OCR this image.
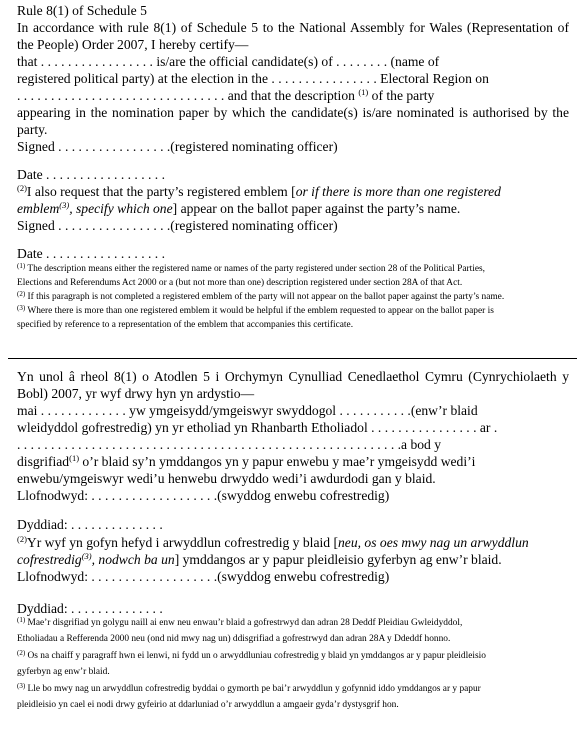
Rule 8(1) of Schedule 5
In accordance with rule 8(1) of Schedule 5 to the National Assembly for Wales (Representation of
the People) Order 2007, I hereby certify—
that . . . . . . . . . . . . . . . . . is/are the official candidate(s) of . . . . . . . . (name of
registered political party) at the election in the . . . . . . . . . . . . . . . . Electoral Region on
. . . . . . . . . . . . . . . . . . . . . . . . . . . . . . . and that the description $^{(1)}$ of the party
appearing in the nomination paper by which the candidate(s) is/are nominated is authorised by the
party.
Signed . . . . . . . . . . . . . . . . .(registered nominating officer)
Date . . . . . . . . . . . . . . . . . .
$^{(2)}$I also request that the party’s registered emblem [or if there is more than one registered
emblem$^{(3)}$, specify which one] appear on the ballot paper against the party’s name.
Signed . . . . . . . . . . . . . . . . .(registered nominating officer)
Date . . . . . . . . . . . . . . . . . .
$^{(1)}$ The description means either the registered name or names of the party registered under section 28 of the Political Parties,
Elections and Referendums Act 2000 or a (but not more than one) description registered under section 28A of that Act.
$^{(2)}$ If this paragraph is not completed a registered emblem of the party will not appear on the ballot paper against the party’s name.
$^{(3)}$ Where there is more than one registered emblem it would be helpful if the emblem requested to appear on the ballot paper is
specified by reference to a representation of the emblem that accompanies this certificate.
Yn unol â rheol 8(1) o Atodlen 5 i Orchymyn Cynulliad Cenedlaethol Cymru (Cynrychiolaeth y
Bobl) 2007, yr wyf drwy hyn yn ardystio—
mai . . . . . . . . . . . . . yw ymgeisydd/ymgeiswyr swyddogol . . . . . . . . . . .(enw’r blaid
wleidyddol gofrestredig) yn yr etholiad yn Rhanbarth Etholiadol . . . . . . . . . . . . . . . . ar .
. . . . . . . . . . . . . . . . . . . . . . . . . . . . . . . . . . . . . . . . . . . . . . . . . . . . . . . . .a bod y
disgrifiad$^{(1)}$ o’r blaid sy’n ymddangos yn y papur enwebu y mae’r ymgeisydd wedi’i
enwebu/ymgeiswyr wedi’u henwebu drwyddo wedi’i awdurdodi gan y blaid.
Llofnodwyd: . . . . . . . . . . . . . . . . . . .(swyddog enwebu cofrestredig)
Dyddiad: . . . . . . . . . . . . . .
$^{(2)}$Yr wyf yn gofyn hefyd i arwyddlun cofrestredig y blaid [neu, os oes mwy nag un arwyddlun
cofrestredig$^{(3)}$, nodwch ba un] ymddangos ar y papur pleidleisio gyferbyn ag enw’r blaid.
Llofnodwyd: . . . . . . . . . . . . . . . . . . .(swyddog enwebu cofrestredig)
Dyddiad: . . . . . . . . . . . . . .
$^{(1)}$ Mae’r disgrifiad yn golygu naill ai enw neu enwau’r blaid a gofrestrwyd dan adran 28 Deddf Pleidiau Gwleidyddol,
Etholiadau a Refferenda 2000 neu (ond nid mwy nag un) ddisgrifiad a gofrestrwyd dan adran 28A y Ddeddf honno.
$^{(2)}$ Os na chaiff y paragraff hwn ei lenwi, ni fydd un o arwyddluniau cofrestredig y blaid yn ymddangos ar y papur pleidleisio
gyferbyn ag enw’r blaid.
$^{(3)}$ Lle bo mwy nag un arwyddlun cofrestredig byddai o gymorth pe bai’r arwyddlun y gofynnid iddo ymddangos ar y papur
pleidleisio yn cael ei nodi drwy gyfeirio at ddarluniad o’r arwyddlun a amgaeir gyda’r dystysgrif hon.
